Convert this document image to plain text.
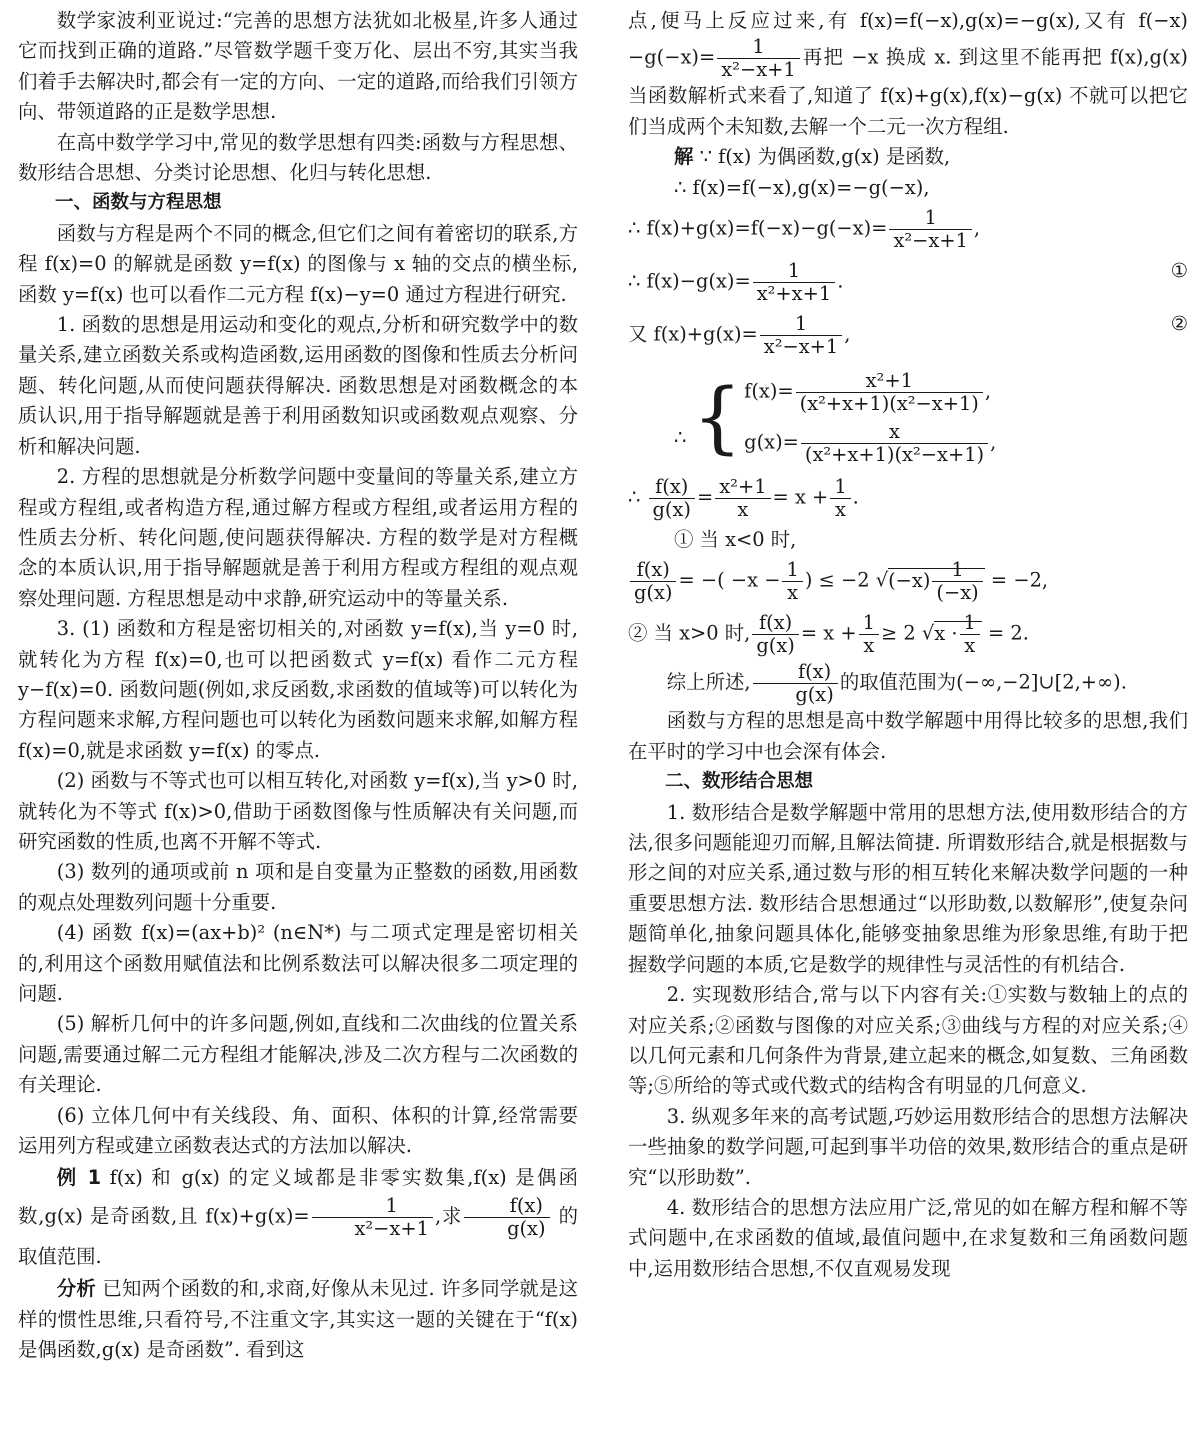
数学家波利亚说过:“完善的思想方法犹如北极星,许多人通过它而找到正确的道路.”尽管数学题千变万化、层出不穷,其实当我们着手去解决时,都会有一定的方向、一定的道路,而给我们引领方向、带领道路的正是数学思想.

在高中数学学习中,常见的数学思想有四类:函数与方程思想、数形结合思想、分类讨论思想、化归与转化思想.

一、函数与方程思想

函数与方程是两个不同的概念,但它们之间有着密切的联系,方程 f(x)=0 的解就是函数 y=f(x) 的图像与 x 轴的交点的横坐标,函数 y=f(x) 也可以看作二元方程 f(x)−y=0 通过方程进行研究.

1. 函数的思想是用运动和变化的观点,分析和研究数学中的数量关系,建立函数关系或构造函数,运用函数的图像和性质去分析问题、转化问题,从而使问题获得解决. 函数思想是对函数概念的本质认识,用于指导解题就是善于利用函数知识或函数观点观察、分析和解决问题.

2. 方程的思想就是分析数学问题中变量间的等量关系,建立方程或方程组,或者构造方程,通过解方程或方程组,或者运用方程的性质去分析、转化问题,使问题获得解决. 方程的数学是对方程概念的本质认识,用于指导解题就是善于利用方程或方程组的观点观察处理问题. 方程思想是动中求静,研究运动中的等量关系.

3. (1) 函数和方程是密切相关的,对函数 y=f(x),当 y=0 时,就转化为方程 f(x)=0,也可以把函数式 y=f(x) 看作二元方程 y−f(x)=0. 函数问题(例如,求反函数,求函数的值域等)可以转化为方程问题来求解,方程问题也可以转化为函数问题来求解,如解方程 f(x)=0,就是求函数 y=f(x) 的零点.

(2) 函数与不等式也可以相互转化,对函数 y=f(x),当 y>0 时,就转化为不等式 f(x)>0,借助于函数图像与性质解决有关问题,而研究函数的性质,也离不开解不等式.

(3) 数列的通项或前 n 项和是自变量为正整数的函数,用函数的观点处理数列问题十分重要.

(4) 函数 f(x)=(ax+b)² (n∈N*) 与二项式定理是密切相关的,利用这个函数用赋值法和比例系数法可以解决很多二项定理的问题.

(5) 解析几何中的许多问题,例如,直线和二次曲线的位置关系问题,需要通过解二元方程组才能解决,涉及二次方程与二次函数的有关理论.

(6) 立体几何中有关线段、角、面积、体积的计算,经常需要运用列方程或建立函数表达式的方法加以解决.

例 1 f(x) 和 g(x) 的定义域都是非零实数集,f(x) 是偶函数,g(x) 是奇函数,且 $f(x)+g(x)= \frac{1}{\text{x²−x+1}}$ ,求 $\frac{f(x)}{g(x)}$ 的取值范围.

分析 已知两个函数的和,求商,好像从未见过. 许多同学就是这样的惯性思维,只看符号,不注重文字,其实这一题的关键在于“f(x) 是偶函数,g(x) 是奇函数”. 看到这

点,便马上反应过来,有 f(x)=f(−x),g(x)=−g(x),又有 $f(-x)-g(-x)= \frac{1}{\text{x²−x+1}}$ 再把 −x 换成 x. 到这里不能再把 f(x),g(x) 当函数解析式来看了,知道了 f(x)+g(x),f(x)−g(x) 不就可以把它们当成两个未知数,去解一个二元一次方程组.

解 ∵ f(x) 为偶函数,g(x) 是函数,

∴ f(x)=f(−x),g(x)=−g(−x),

∴ $f(x)+g(x)=f(-x)-g(-x)= \frac{1}{\text{x²−x+1}}$ ,

∴ $f(x)-g(x)= \frac{1}{\text{x²+x+1}}$ .	①

又 $f(x)+g(x)= \frac{1}{\text{x²−x+1}}$ ,	②

∴ { $f(x)= \frac{\text{x²+1}}{\text{(x²+x+1)(x²−x+1)}}$ ,
$g(x)= \frac{x}{\text{(x²+x+1)(x²−x+1)}}$ ,

∴ $\frac{f(x)}{g(x)} = \frac{\text{x²+1}}{x} = x + \frac{1}{x}$ .

① 当 x<0 时,

$\frac{f(x)}{g(x)}$ = −( $-x - \frac{1}{x}$ ) ≤ −2 $√(-x) \frac{1}{(-x)} = -2$,

② 当 x>0 时, $\frac{f(x)}{g(x)} = x + \frac{1}{x} \ge 2$ $√x \cdot \frac{1}{x} = 2$.

综上所述, $\frac{f(x)}{g(x)}$ 的取值范围为(−∞,−2]∪[2,+∞).

函数与方程的思想是高中数学解题中用得比较多的思想,我们在平时的学习中也会深有体会.

二、数形结合思想

1. 数形结合是数学解题中常用的思想方法,使用数形结合的方法,很多问题能迎刃而解,且解法简捷. 所谓数形结合,就是根据数与形之间的对应关系,通过数与形的相互转化来解决数学问题的一种重要思想方法. 数形结合思想通过“以形助数,以数解形”,使复杂问题简单化,抽象问题具体化,能够变抽象思维为形象思维,有助于把握数学问题的本质,它是数学的规律性与灵活性的有机结合.

2. 实现数形结合,常与以下内容有关:①实数与数轴上的点的对应关系;②函数与图像的对应关系;③曲线与方程的对应关系;④以几何元素和几何条件为背景,建立起来的概念,如复数、三角函数等;⑤所给的等式或代数式的结构含有明显的几何意义.

3. 纵观多年来的高考试题,巧妙运用数形结合的思想方法解决一些抽象的数学问题,可起到事半功倍的效果,数形结合的重点是研究“以形助数”.

4. 数形结合的思想方法应用广泛,常见的如在解方程和解不等式问题中,在求函数的值域,最值问题中,在求复数和三角函数问题中,运用数形结合思想,不仅直观易发现
